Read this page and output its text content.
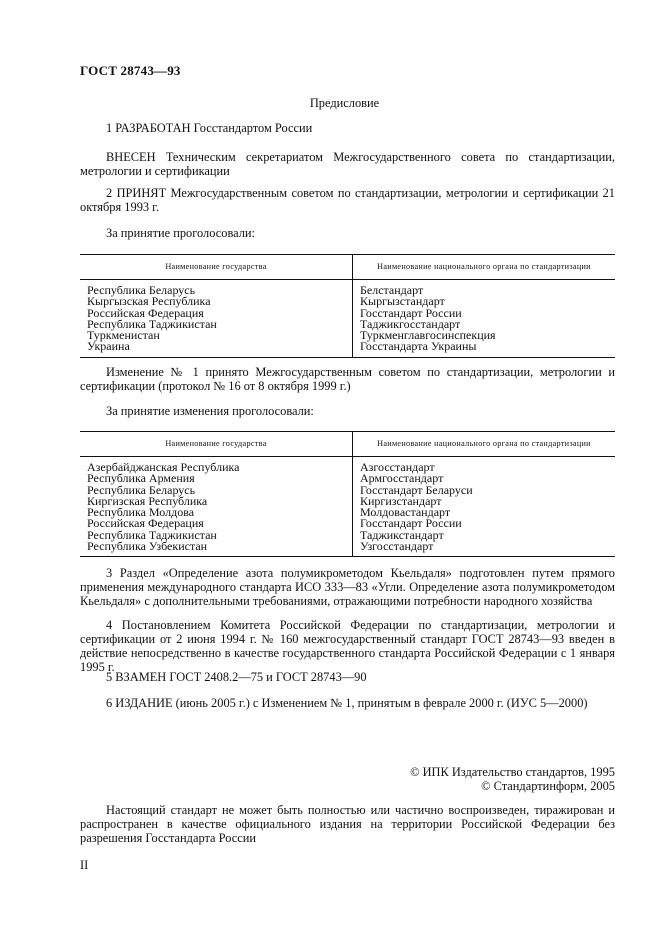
ГОСТ 28743—93
Предисловие
1 РАЗРАБОТАН Госстандартом России
ВНЕСЕН Техническим секретариатом Межгосударственного совета по стандартизации, метрологии и сертификации
2 ПРИНЯТ Межгосударственным советом по стандартизации, метрологии и сертификации 21 октября 1993 г.
За принятие проголосовали:
Наименование государства	Наименование национального органа по стандартизации
Республика Беларусь	Белстандарт
Кыргызская Республика	Кыргызстандарт
Российская Федерация	Госстандарт России
Республика Таджикистан	Таджикгосстандарт
Туркменистан	Туркменглавгосинспекция
Украина	Госстандарта Украины
Изменение № 1 принято Межгосударственным советом по стандартизации, метрологии и сертификации (протокол № 16 от 8 октября 1999 г.)
За принятие изменения проголосовали:
Наименование государства	Наименование национального органа по стандартизации
Азербайджанская Республика	Азгосстандарт
Республика Армения	Армгосстандарт
Республика Беларусь	Госстандарт Беларуси
Киргизская Республика	Киргизстандарт
Республика Молдова	Молдовастандарт
Российская Федерация	Госстандарт России
Республика Таджикистан	Таджикстандарт
Республика Узбекистан	Узгосстандарт
3 Раздел «Определение азота полумикрометодом Кьельдаля» подготовлен путем прямого применения международного стандарта ИСО 333—83 «Угли. Определение азота полумикрометодом Кьельдаля» с дополнительными требованиями, отражающими потребности народного хозяйства
4 Постановлением Комитета Российской Федерации по стандартизации, метрологии и сертификации от 2 июня 1994 г. № 160 межгосударственный стандарт ГОСТ 28743—93 введен в действие непосредственно в качестве государственного стандарта Российской Федерации с 1 января 1995 г.
5 ВЗАМЕН ГОСТ 2408.2—75 и ГОСТ 28743—90
6 ИЗДАНИЕ (июнь 2005 г.) с Изменением № 1, принятым в феврале 2000 г. (ИУС 5—2000)
© ИПК Издательство стандартов, 1995
© Стандартинформ, 2005
Настоящий стандарт не может быть полностью или частично воспроизведен, тиражирован и распространен в качестве официального издания на территории Российской Федерации без разрешения Госстандарта России
II
